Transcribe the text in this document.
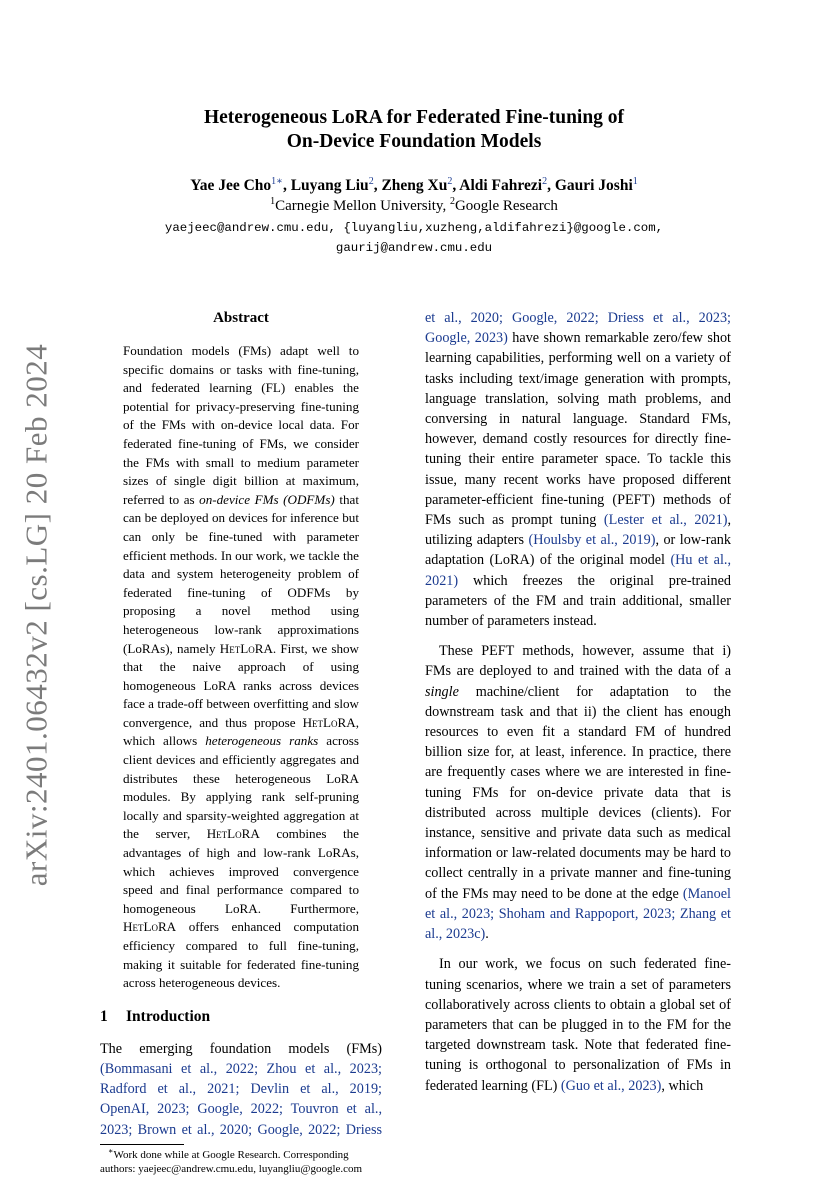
arXiv:2401.06432v2 [cs.LG] 20 Feb 2024
Heterogeneous LoRA for Federated Fine-tuning of
On-Device Foundation Models
Yae Jee Cho$^{1∗}$, Luyang Liu$^2$, Zheng Xu$^2$, Aldi Fahrezi$^2$, Gauri Joshi$^1$
$^1$Carnegie Mellon University, $^2$Google Research
yaejeec@andrew.cmu.edu, {luyangliu,xuzheng,aldifahrezi}@google.com,
gaurij@andrew.cmu.edu
Abstract

Foundation models (FMs) adapt well to specific domains or tasks with fine-tuning, and federated learning (FL) enables the potential for privacy-preserving fine-tuning of the FMs with on-device local data. For federated fine-tuning of FMs, we consider the FMs with small to medium parameter sizes of single digit billion at maximum, referred to as on-device FMs (ODFMs) that can be deployed on devices for inference but can only be fine-tuned with parameter efficient methods. In our work, we tackle the data and system heterogeneity problem of federated fine-tuning of ODFMs by proposing a novel method using heterogeneous low-rank approximations (LoRAs), namely HetLoRA. First, we show that the naive approach of using homogeneous LoRA ranks across devices face a trade-off between overfitting and slow convergence, and thus propose HetLoRA, which allows heterogeneous ranks across client devices and efficiently aggregates and distributes these heterogeneous LoRA modules. By applying rank self-pruning locally and sparsity-weighted aggregation at the server, HetLoRA combines the advantages of high and low-rank LoRAs, which achieves improved convergence speed and final performance compared to homogeneous LoRA. Furthermore, HetLoRA offers enhanced computation efficiency compared to full fine-tuning, making it suitable for federated fine-tuning across heterogeneous devices.

1 Introduction

The emerging foundation models (FMs) (Bommasani et al., 2022; Zhou et al., 2023; Radford et al., 2021; Devlin et al., 2019; OpenAI, 2023; Google, 2022; Touvron et al., 2023; Brown et al., 2020; Google, 2022; Driess

∗Work done while at Google Research. Corresponding authors: yaejeec@andrew.cmu.edu, luyangliu@google.com

et al., 2020; Google, 2022; Driess et al., 2023; Google, 2023) have shown remarkable zero/few shot learning capabilities, performing well on a variety of tasks including text/image generation with prompts, language translation, solving math problems, and conversing in natural language. Standard FMs, however, demand costly resources for directly fine-tuning their entire parameter space. To tackle this issue, many recent works have proposed different parameter-efficient fine-tuning (PEFT) methods of FMs such as prompt tuning (Lester et al., 2021), utilizing adapters (Houlsby et al., 2019), or low-rank adaptation (LoRA) of the original model (Hu et al., 2021) which freezes the original pre-trained parameters of the FM and train additional, smaller number of parameters instead.

These PEFT methods, however, assume that i) FMs are deployed to and trained with the data of a single machine/client for adaptation to the downstream task and that ii) the client has enough resources to even fit a standard FM of hundred billion size for, at least, inference. In practice, there are frequently cases where we are interested in fine-tuning FMs for on-device private data that is distributed across multiple devices (clients). For instance, sensitive and private data such as medical information or law-related documents may be hard to collect centrally in a private manner and fine-tuning of the FMs may need to be done at the edge (Manoel et al., 2023; Shoham and Rappoport, 2023; Zhang et al., 2023c).

In our work, we focus on such federated fine-tuning scenarios, where we train a set of parameters collaboratively across clients to obtain a global set of parameters that can be plugged in to the FM for the targeted downstream task. Note that federated fine-tuning is orthogonal to personalization of FMs in federated learning (FL) (Guo et al., 2023), which
